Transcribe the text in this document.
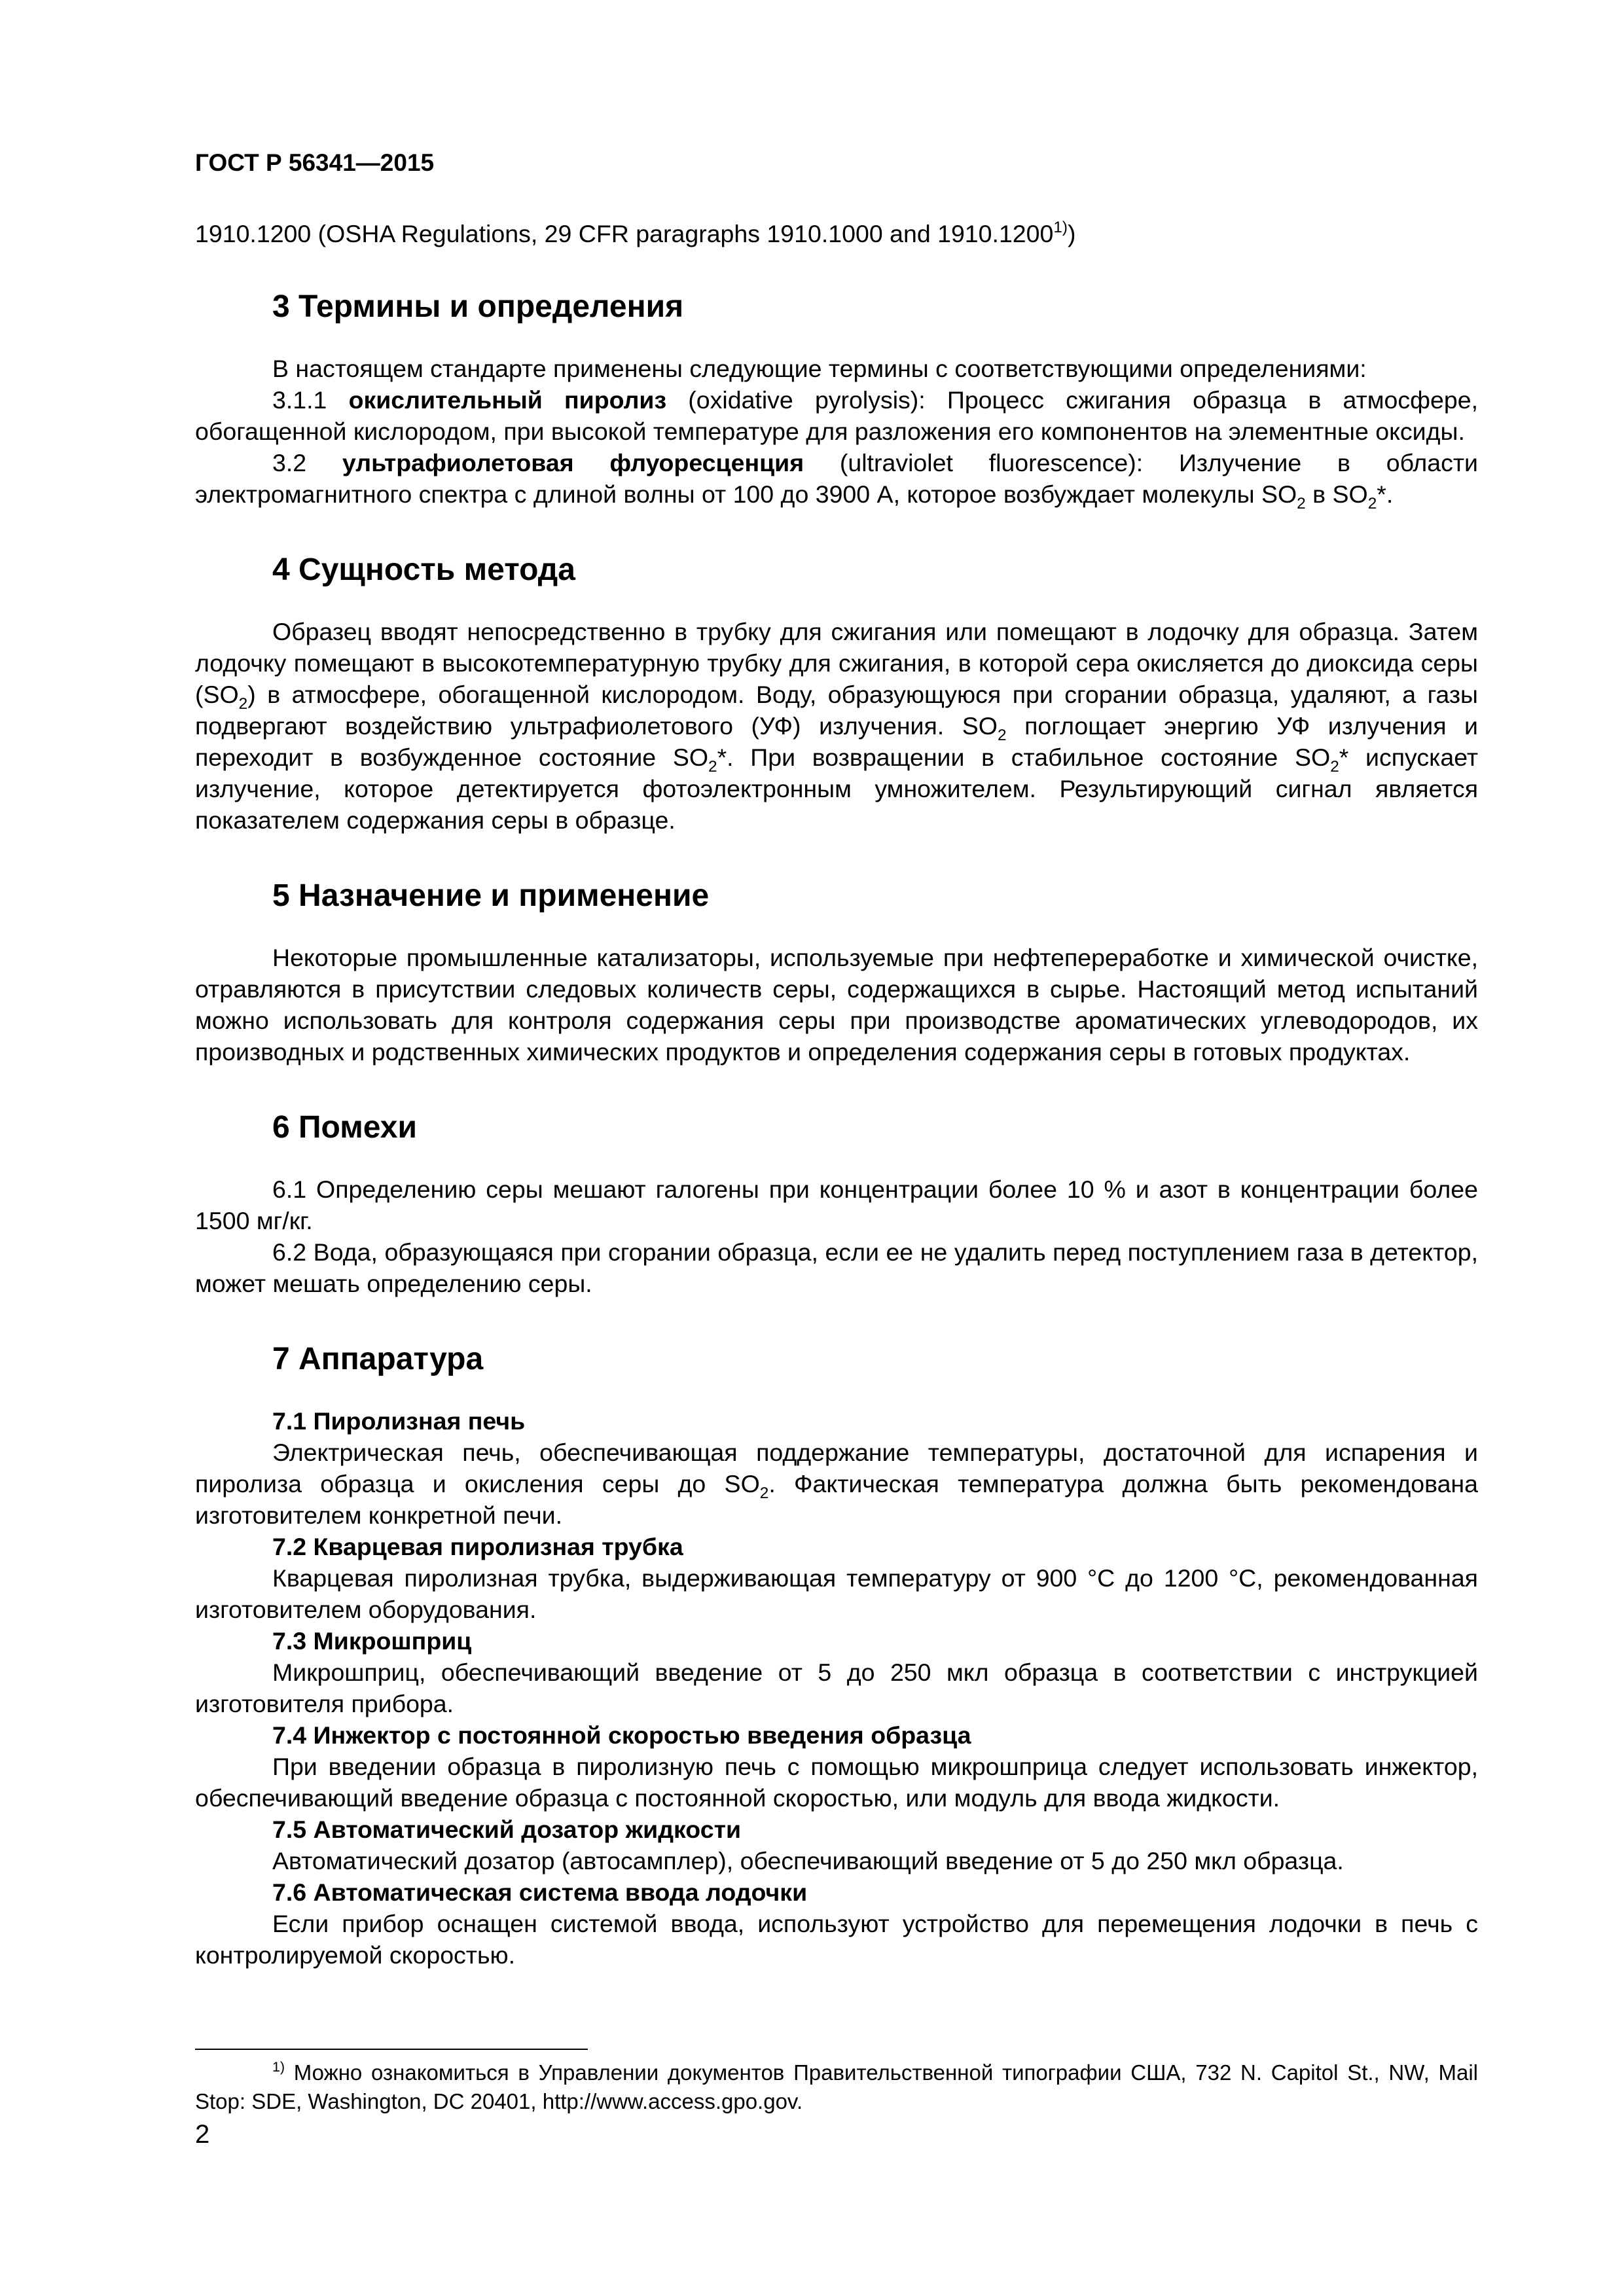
ГОСТ Р 56341—2015

1910.1200 (OSHA Regulations, 29 CFR paragraphs 1910.1000 and 1910.1200$^{1)}$)

3 Термины и определения

В настоящем стандарте применены следующие термины с соответствующими определениями:

3.1.1 окислительный пиролиз (oxidative pyrolysis): Процесс сжигания образца в атмосфере, обогащенной кислородом, при высокой температуре для разложения его компонентов на элементные оксиды.

3.2 ультрафиолетовая флуоресценция (ultraviolet fluorescence): Излучение в области электромагнитного спектра с длиной волны от 100 до 3900 А, которое возбуждает молекулы $SO_2$ в $SO_2*$.

4 Сущность метода

Образец вводят непосредственно в трубку для сжигания или помещают в лодочку для образца. Затем лодочку помещают в высокотемпературную трубку для сжигания, в которой сера окисляется до диоксида серы $(SO_2)$ в атмосфере, обогащенной кислородом. Воду, образующуюся при сгорании образца, удаляют, а газы подвергают воздействию ультрафиолетового (УФ) излучения. $SO_2$ поглощает энергию УФ излучения и переходит в возбужденное состояние $SO_2*$. При возвращении в стабильное состояние $SO_2*$ испускает излучение, которое детектируется фотоэлектронным умножителем. Результирующий сигнал является показателем содержания серы в образце.

5 Назначение и применение

Некоторые промышленные катализаторы, используемые при нефтепереработке и химической очистке, отравляются в присутствии следовых количеств серы, содержащихся в сырье. Настоящий метод испытаний можно использовать для контроля содержания серы при производстве ароматических углеводородов, их производных и родственных химических продуктов и определения содержания серы в готовых продуктах.

6 Помехи

6.1 Определению серы мешают галогены при концентрации более 10 % и азот в концентрации более 1500 мг/кг.

6.2 Вода, образующаяся при сгорании образца, если ее не удалить перед поступлением газа в детектор, может мешать определению серы.

7 Аппаратура

7.1 Пиролизная печь

Электрическая печь, обеспечивающая поддержание температуры, достаточной для испарения и пиролиза образца и окисления серы до $SO_2$. Фактическая температура должна быть рекомендована изготовителем конкретной печи.

7.2 Кварцевая пиролизная трубка

Кварцевая пиролизная трубка, выдерживающая температуру от 900 °С до 1200 °С, рекомендованная изготовителем оборудования.

7.3 Микрошприц

Микрошприц, обеспечивающий введение от 5 до 250 мкл образца в соответствии с инструкцией изготовителя прибора.

7.4 Инжектор с постоянной скоростью введения образца

При введении образца в пиролизную печь с помощью микрошприца следует использовать инжектор, обеспечивающий введение образца с постоянной скоростью, или модуль для ввода жидкости.

7.5 Автоматический дозатор жидкости

Автоматический дозатор (автосамплер), обеспечивающий введение от 5 до 250 мкл образца.

7.6 Автоматическая система ввода лодочки

Если прибор оснащен системой ввода, используют устройство для перемещения лодочки в печь с контролируемой скоростью.

$^{1)}$ Можно ознакомиться в Управлении документов Правительственной типографии США, 732 N. Capitol St., NW, Mail Stop: SDE, Washington, DC 20401, http://www.access.gpo.gov.

2
